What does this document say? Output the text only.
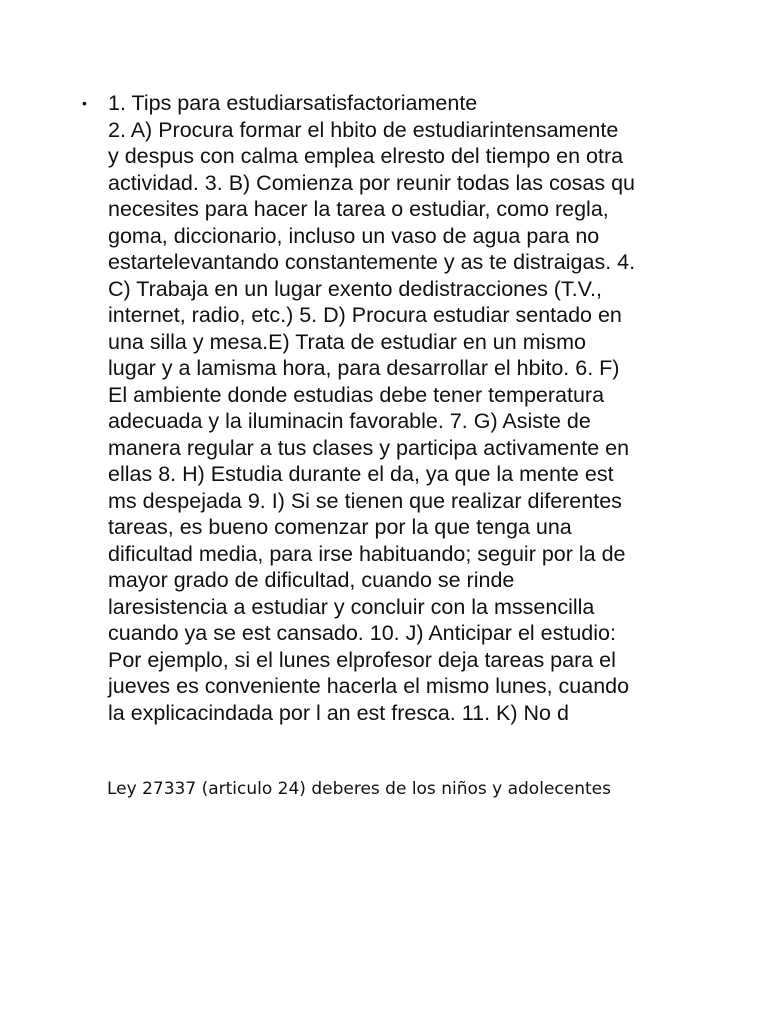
• 1. Tips para estudiarsatisfactoriamente
2. A) Procura formar el hbito de estudiarintensamente
y despus con calma emplea elresto del tiempo en otra
actividad. 3. B) Comienza por reunir todas las cosas qu
necesites para hacer la tarea o estudiar, como regla,
goma, diccionario, incluso un vaso de agua para no
estartelevantando constantemente y as te distraigas. 4.
C) Trabaja en un lugar exento dedistracciones (T.V.,
internet, radio, etc.) 5. D) Procura estudiar sentado en
una silla y mesa.E) Trata de estudiar en un mismo
lugar y a lamisma hora, para desarrollar el hbito. 6. F)
El ambiente donde estudias debe tener temperatura
adecuada y la iluminacin favorable. 7. G) Asiste de
manera regular a tus clases y participa activamente en
ellas 8. H) Estudia durante el da, ya que la mente est
ms despejada 9. I) Si se tienen que realizar diferentes
tareas, es bueno comenzar por la que tenga una
dificultad media, para irse habituando; seguir por la de
mayor grado de dificultad, cuando se rinde
laresistencia a estudiar y concluir con la mssencilla
cuando ya se est cansado. 10. J) Anticipar el estudio:
Por ejemplo, si el lunes elprofesor deja tareas para el
jueves es conveniente hacerla el mismo lunes, cuando
la explicacindada por l an est fresca. 11. K) No d
Ley 27337 (articulo 24) deberes de los niños y adolecentes
